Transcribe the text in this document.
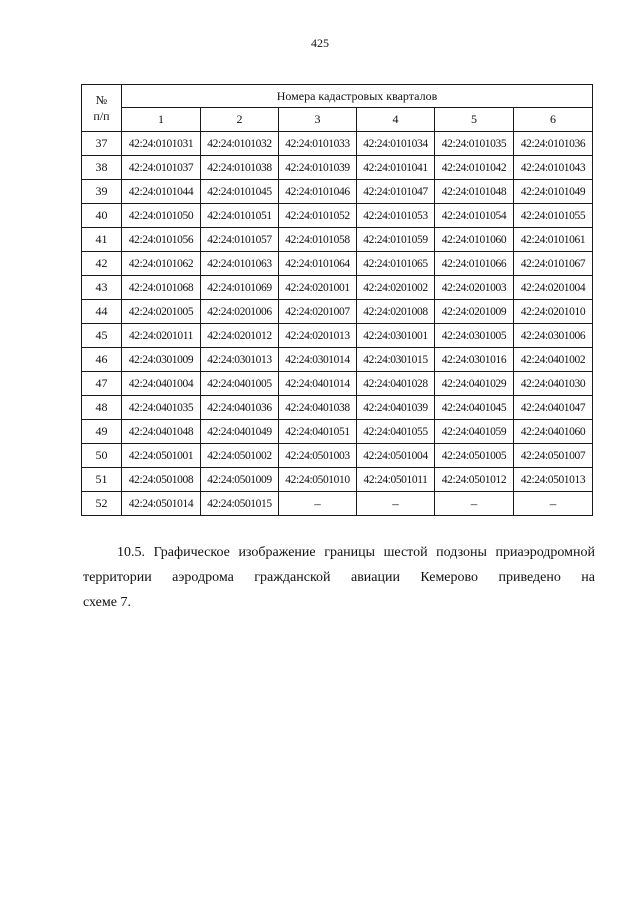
425
№
п/п	Номера кадастровых кварталов					
	1	2	3	4	5	6
37	42:24:0101031	42:24:0101032	42:24:0101033	42:24:0101034	42:24:0101035	42:24:0101036
38	42:24:0101037	42:24:0101038	42:24:0101039	42:24:0101041	42:24:0101042	42:24:0101043
39	42:24:0101044	42:24:0101045	42:24:0101046	42:24:0101047	42:24:0101048	42:24:0101049
40	42:24:0101050	42:24:0101051	42:24:0101052	42:24:0101053	42:24:0101054	42:24:0101055
41	42:24:0101056	42:24:0101057	42:24:0101058	42:24:0101059	42:24:0101060	42:24:0101061
42	42:24:0101062	42:24:0101063	42:24:0101064	42:24:0101065	42:24:0101066	42:24:0101067
43	42:24:0101068	42:24:0101069	42:24:0201001	42:24:0201002	42:24:0201003	42:24:0201004
44	42:24:0201005	42:24:0201006	42:24:0201007	42:24:0201008	42:24:0201009	42:24:0201010
45	42:24:0201011	42:24:0201012	42:24:0201013	42:24:0301001	42:24:0301005	42:24:0301006
46	42:24:0301009	42:24:0301013	42:24:0301014	42:24:0301015	42:24:0301016	42:24:0401002
47	42:24:0401004	42:24:0401005	42:24:0401014	42:24:0401028	42:24:0401029	42:24:0401030
48	42:24:0401035	42:24:0401036	42:24:0401038	42:24:0401039	42:24:0401045	42:24:0401047
49	42:24:0401048	42:24:0401049	42:24:0401051	42:24:0401055	42:24:0401059	42:24:0401060
50	42:24:0501001	42:24:0501002	42:24:0501003	42:24:0501004	42:24:0501005	42:24:0501007
51	42:24:0501008	42:24:0501009	42:24:0501010	42:24:0501011	42:24:0501012	42:24:0501013
52	42:24:0501014	42:24:0501015	–	–	–	–

10.5. Графическое изображение границы шестой подзоны приаэродромной
территории аэродрома гражданской авиации Кемерово приведено на
схеме 7.
